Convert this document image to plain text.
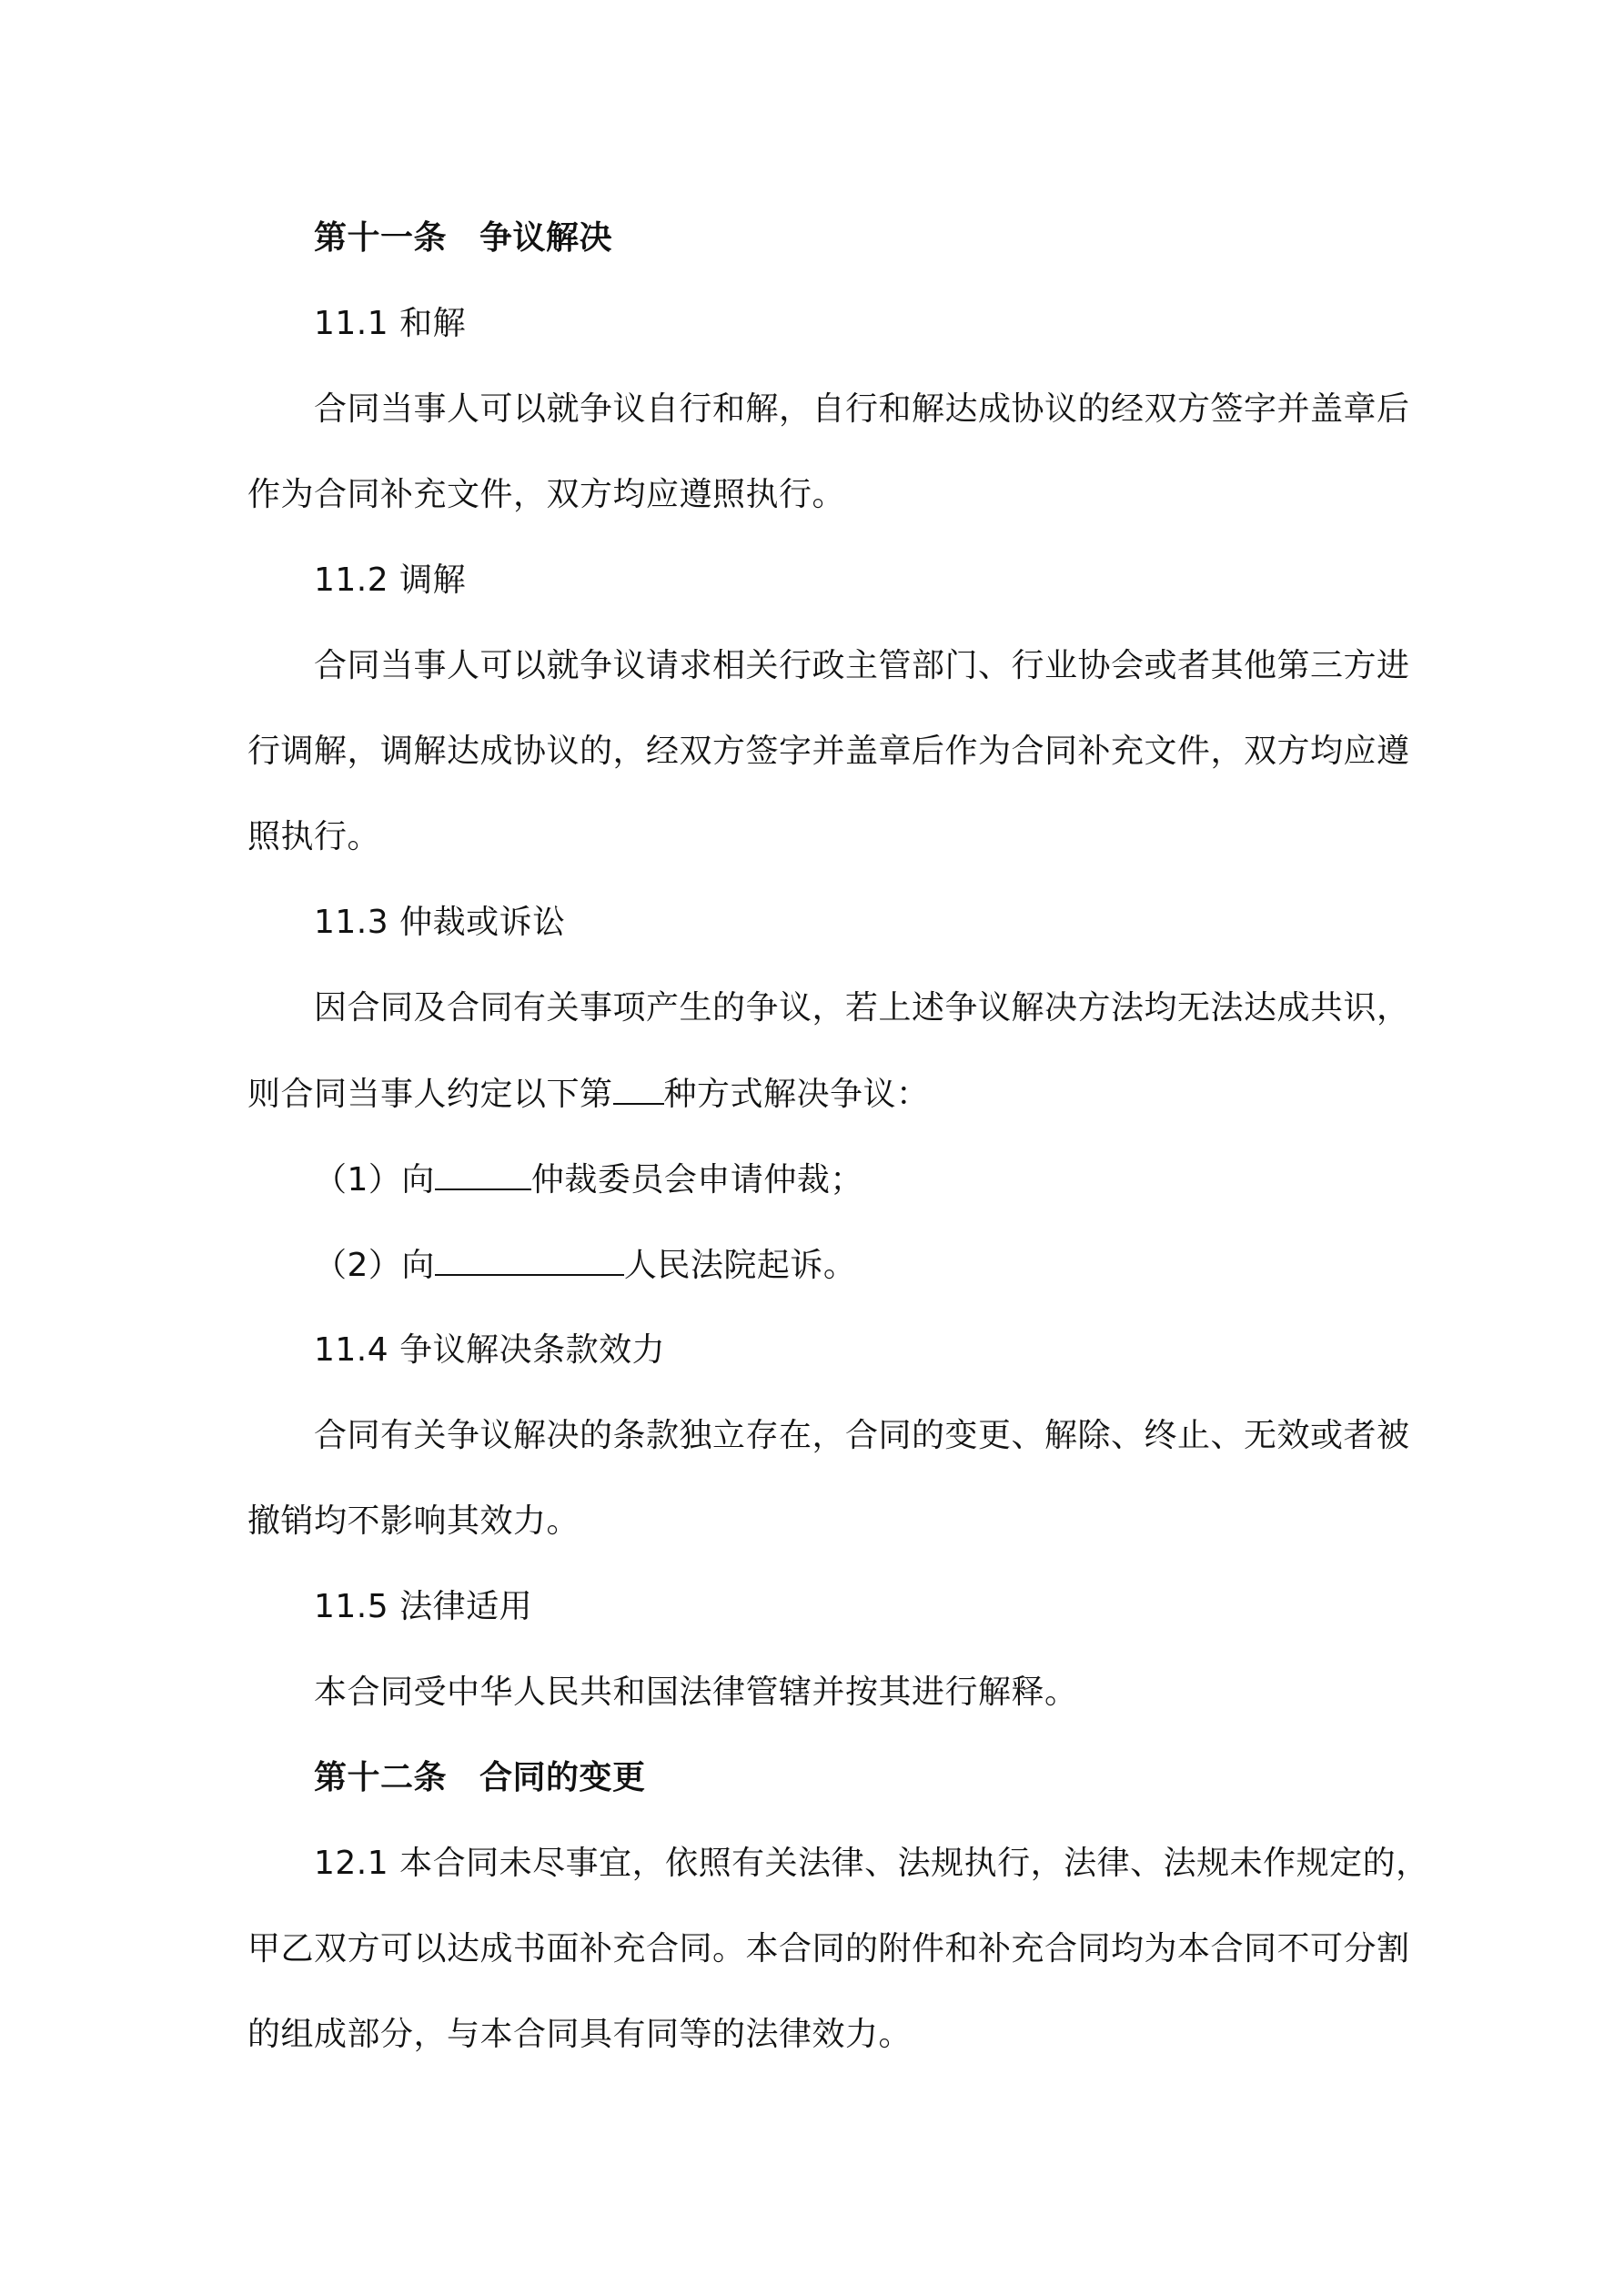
第十一条 争议解决
11.1 和解
合同当事人可以就争议自行和解，自行和解达成协议的经双方签字并盖章后
作为合同补充文件，双方均应遵照执行。
11.2 调解
合同当事人可以就争议请求相关行政主管部门、行业协会或者其他第三方进
行调解，调解达成协议的，经双方签字并盖章后作为合同补充文件，双方均应遵
照执行。
11.3 仲裁或诉讼
因合同及合同有关事项产生的争议，若上述争议解决方法均无法达成共识，
则合同当事人约定以下第 种方式解决争议：
（1）向	仲裁委员会申请仲裁；
（2）向	人民法院起诉。
11.4 争议解决条款效力
合同有关争议解决的条款独立存在，合同的变更、解除、终止、无效或者被
撤销均不影响其效力。
11.5 法律适用
本合同受中华人民共和国法律管辖并按其进行解释。
第十二条 合同的变更
12.1 本合同未尽事宜，依照有关法律、法规执行，法律、法规未作规定的，
甲乙双方可以达成书面补充合同。本合同的附件和补充合同均为本合同不可分割
的组成部分，与本合同具有同等的法律效力。
